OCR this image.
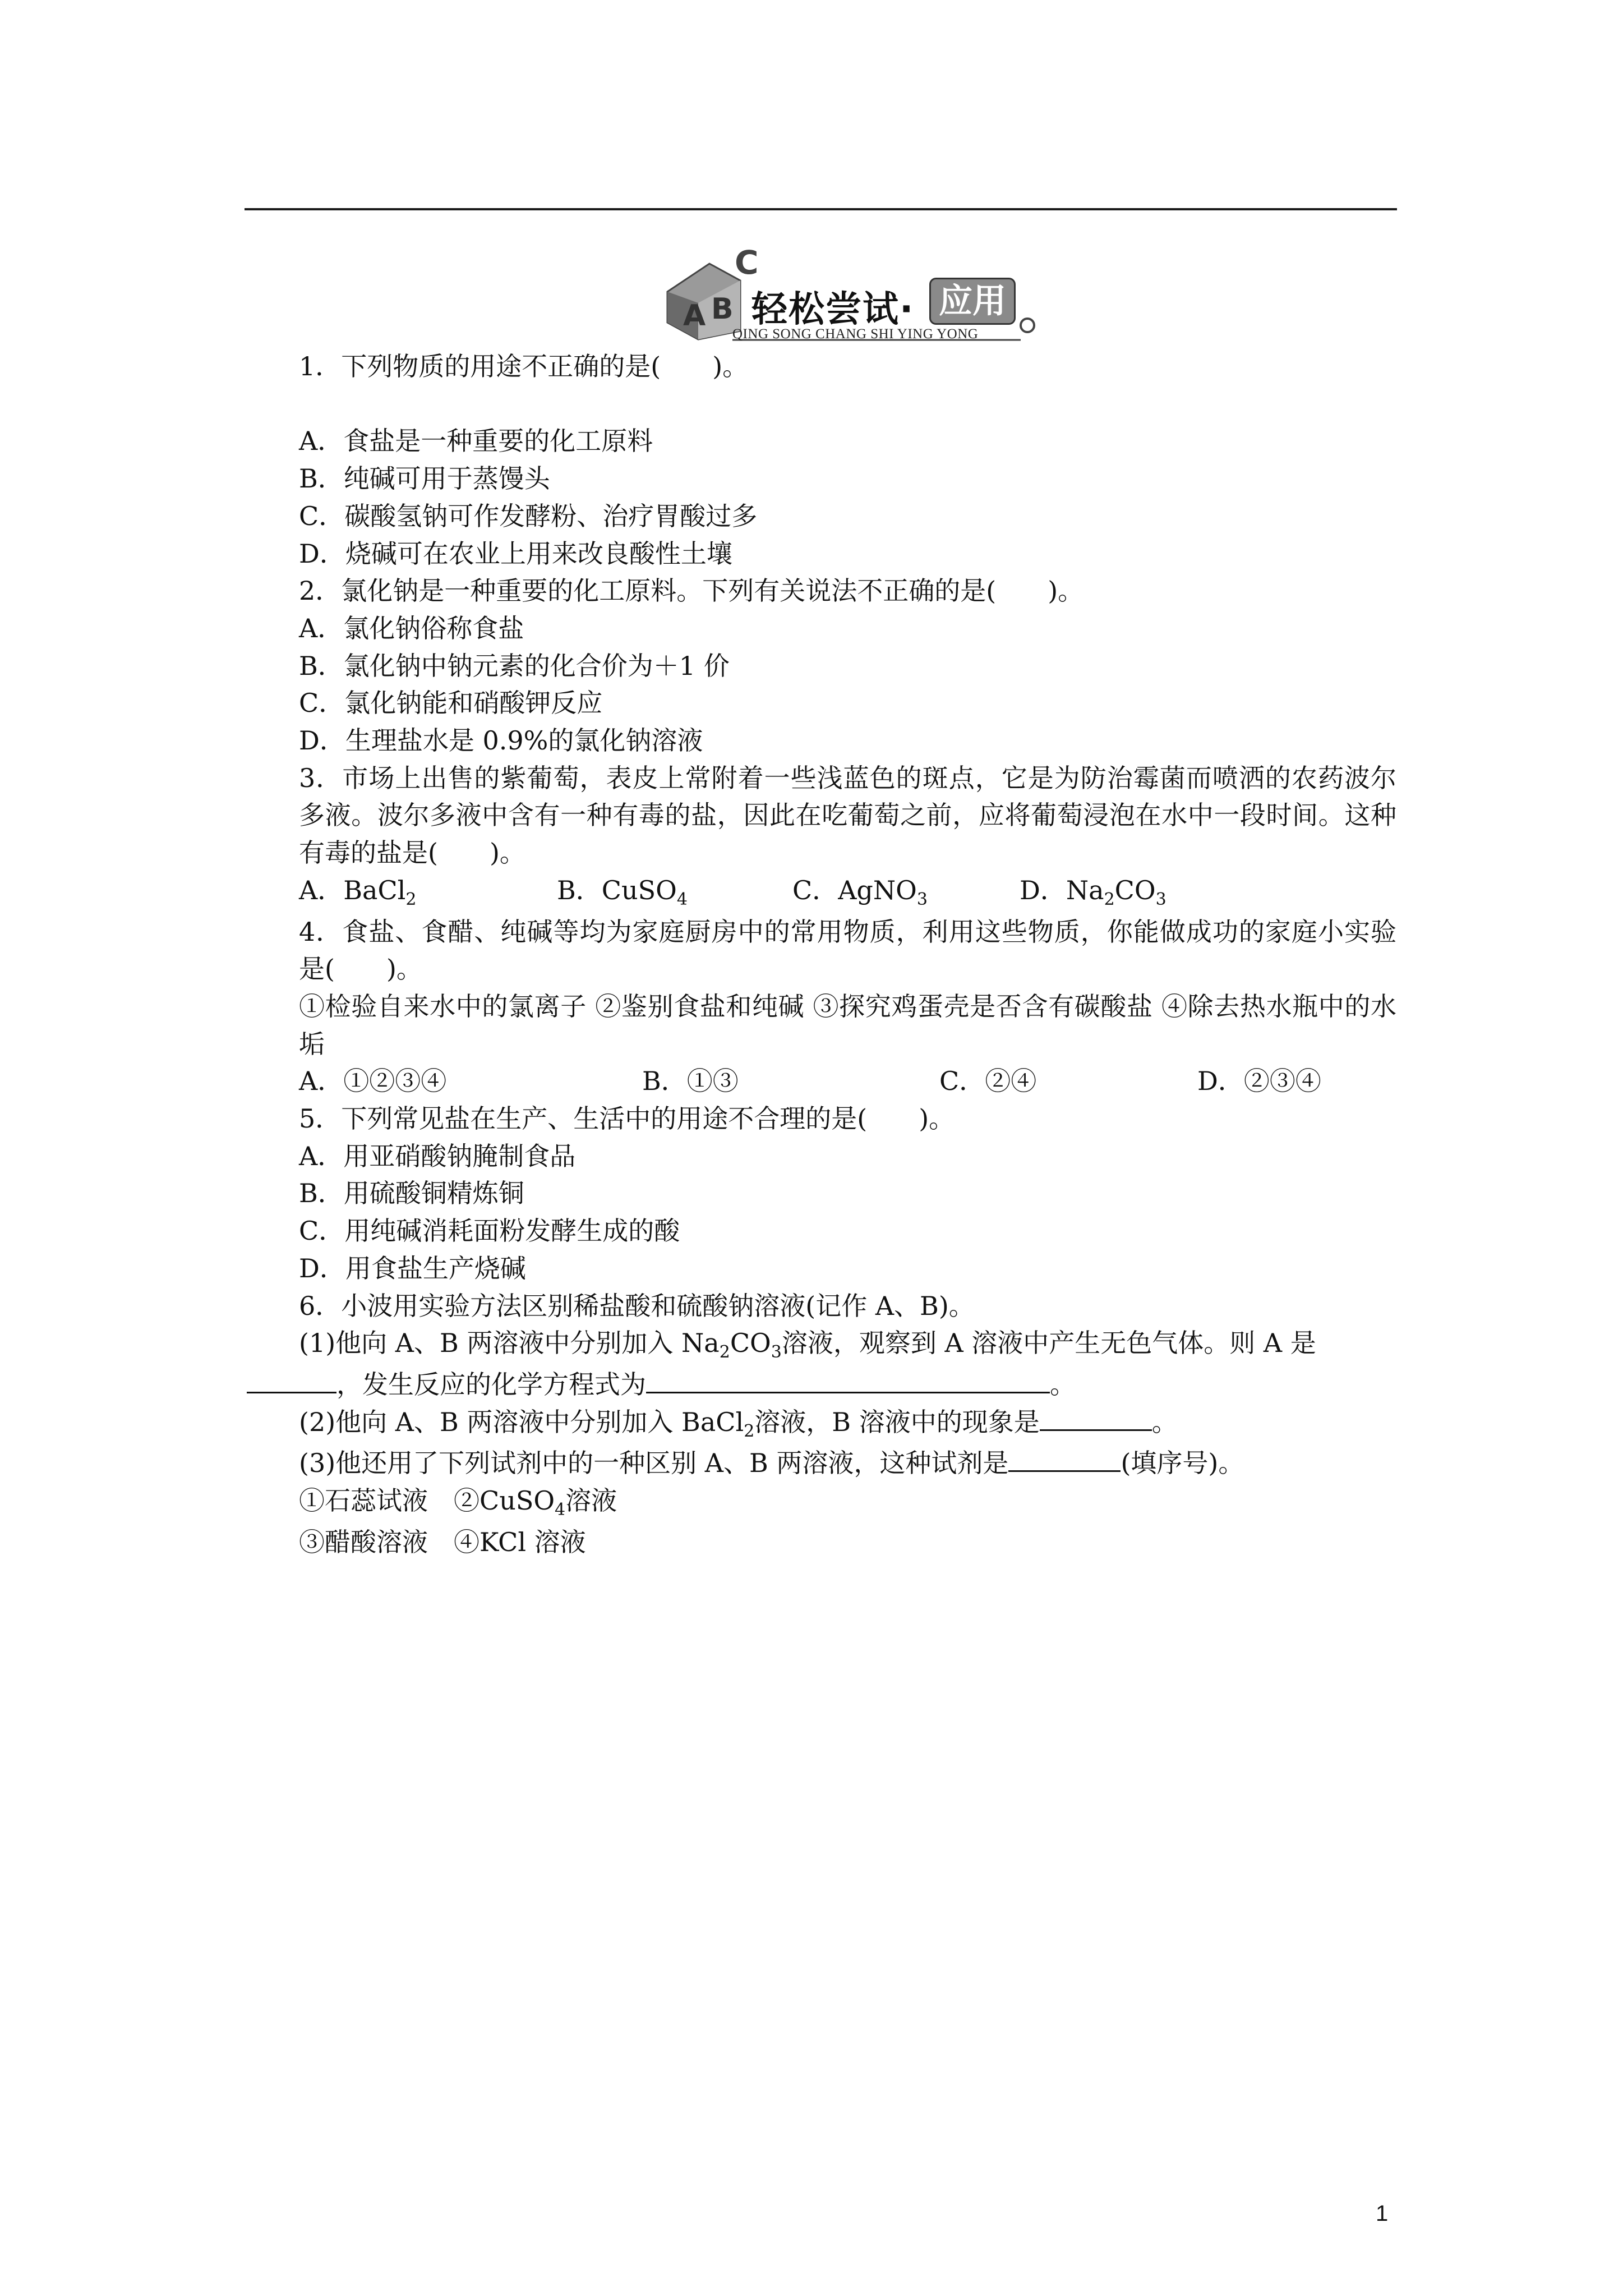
A B
C
轻松尝试· 应用
QING SONG CHANG SHI YING YONG

1．下列物质的用途不正确的是(　　)。

A．食盐是一种重要的化工原料

B．纯碱可用于蒸馒头

C．碳酸氢钠可作发酵粉、治疗胃酸过多

D．烧碱可在农业上用来改良酸性土壤

2．氯化钠是一种重要的化工原料。下列有关说法不正确的是(　　)。

A．氯化钠俗称食盐

B．氯化钠中钠元素的化合价为＋1 价

C．氯化钠能和硝酸钾反应

D．生理盐水是 0.9%的氯化钠溶液

3．市场上出售的紫葡萄，表皮上常附着一些浅蓝色的斑点，它是为防治霉菌而喷洒的农药波尔多液。波尔多液中含有一种有毒的盐，因此在吃葡萄之前，应将葡萄浸泡在水中一段时间。这种有毒的盐是(　　)。

A．BaCl$_2$	B．CuSO$_4$	C．AgNO$_3$	D．$Na_2CO_3$

4．食盐、食醋、纯碱等均为家庭厨房中的常用物质，利用这些物质，你能做成功的家庭小实验是(　　)。

①检验自来水中的氯离子 ②鉴别食盐和纯碱 ③探究鸡蛋壳是否含有碳酸盐 ④除去热水瓶中的水垢

A．①②③④	B．①③	C．②④	D．②③④

5．下列常见盐在生产、生活中的用途不合理的是(　　)。

A．用亚硝酸钠腌制食品

B．用硫酸铜精炼铜

C．用纯碱消耗面粉发酵生成的酸

D．用食盐生产烧碱

6．小波用实验方法区别稀盐酸和硫酸钠溶液(记作 A、B)。

(1)他向 A、B 两溶液中分别加入 $Na_2CO_3$溶液，观察到 A 溶液中产生无色气体。则 A 是

，发生反应的化学方程式为	。

(2)他向 A、B 两溶液中分别加入 BaCl$_2$溶液，B 溶液中的现象是	。

(3)他还用了下列试剂中的一种区别 A、B 两溶液，这种试剂是	(填序号)。

①石蕊试液　②CuSO$_4$溶液

③醋酸溶液　④KCl 溶液

1
